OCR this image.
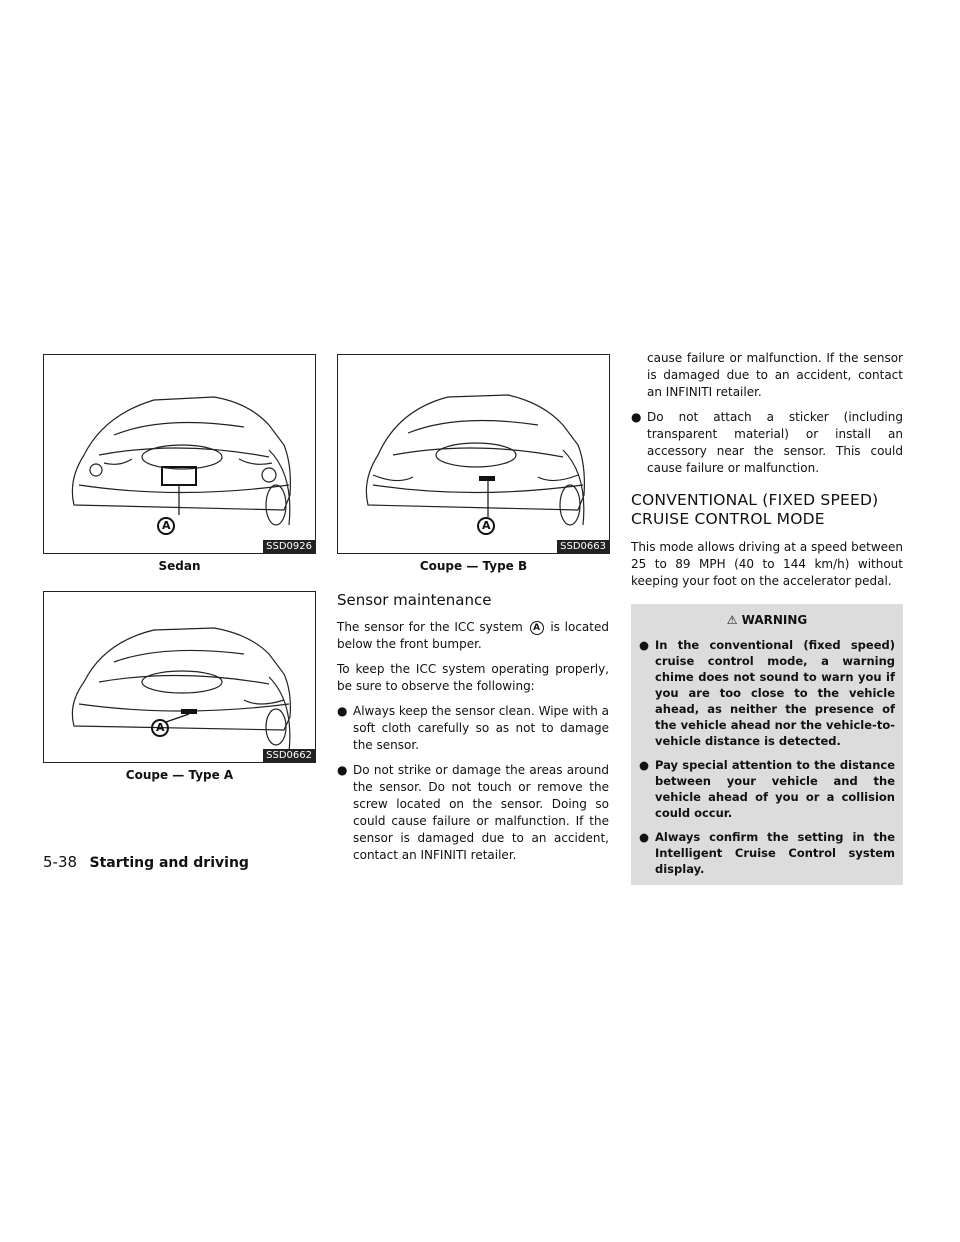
A
SSD0926
Sedan
A
SSD0663
Coupe — Type B
A
SSD0662
Coupe — Type A
Sensor maintenance

The sensor for the ICC system A is located below the front bumper.

To keep the ICC system operating properly, be sure to observe the following:

● Always keep the sensor clean. Wipe with a soft cloth carefully so as not to damage the sensor.
● Do not strike or damage the areas around the sensor. Do not touch or remove the screw located on the sensor. Doing so could cause failure or malfunction. If the sensor is damaged due to an accident, contact an INFINITI retailer.
cause failure or malfunction. If the sensor is damaged due to an accident, contact an INFINITI retailer.
● Do not attach a sticker (including transparent material) or install an accessory near the sensor. This could cause failure or malfunction.
CONVENTIONAL (FIXED SPEED) CRUISE CONTROL MODE

This mode allows driving at a speed between 25 to 89 MPH (40 to 144 km/h) without keeping your foot on the accelerator pedal.

⚠ WARNING
● In the conventional (fixed speed) cruise control mode, a warning chime does not sound to warn you if you are too close to the vehicle ahead, as neither the presence of the vehicle ahead nor the vehicle-to-vehicle distance is detected.
● Pay special attention to the distance between your vehicle and the vehicle ahead of you or a collision could occur.
● Always confirm the setting in the Intelligent Cruise Control system display.
5-38 Starting and driving
